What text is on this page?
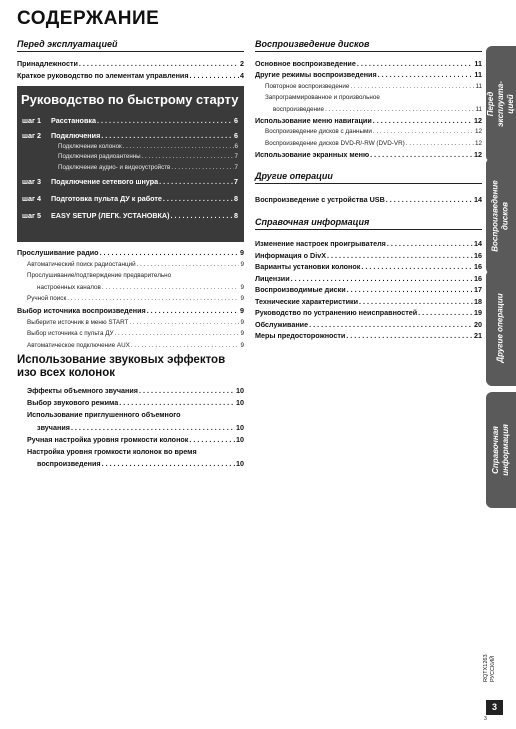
СОДЕРЖАНИЕ
Перед эксплуатацией
Принадлежности . . .	2
Краткое руководство по элементам управления . . .	4
Руководство по быстрому старту
шаг 1 Расстановка . . .	6
шаг 2 Подключения . . .	6
Подключение колонок . . .	6
Подключения радиоантенны . . .	7
Подключение аудио- и видеоустройств . . .	7
шаг 3 Подключение сетевого шнура . . .	7
шаг 4 Подготовка пульта ДУ к работе . . .	8
шаг 5 EASY SETUP (ЛЕГК. УСТАНОВКА) . . .	8
Прослушивание радио . . .	9
Автоматический поиск радиостанций . . .	9
Прослушивание/подтверждение предварительно
настроенных каналов . . .	9
Ручной поиск . . .	9
Выбор источника воспроизведения . . .	9
Выберите источник в меню START . . .	9
Выбор источника с пульта ДУ . . .	9
Автоматическое подключение AUX . . .	9
Использование звуковых эффектов
изо всех колонок
Эффекты объемного звучания . . .	10
Выбор звукового режима . . .	10
Использование приглушенного объемного
звучания . . .	10
Ручная настройка уровня громкости колонок . . .	10
Настройка уровня громкости колонок во время
воспроизведения . . .	10
Воспроизведение дисков
Основное воспроизведение . . .	11
Другие режимы воспроизведения . . .	11
Повторное воспроизведение . . .	11
Запрограммированное и произвольное
воспроизведение . . .	11
Использование меню навигации . . .	12
Воспроизведение дисков с данными . . .	12
Воспроизведение дисков DVD-R/-RW (DVD-VR) . . .	12
Использование экранных меню . . .	12
Другие операции
Воспроизведение с устройства USB . . .	14
Справочная информация
Изменение настроек проигрывателя . . .	14
Информация о DivX . . .	16
Варианты установки колонок . . .	16
Лицензии . . .	16
Воспроизводимые диски . . .	17
Технические характеристики . . .	18
Руководство по устранению неисправностей . . .	19
Обслуживание . . .	20
Меры предосторожности . . .	21
Перед эксплуата- цией
Воспроизведение дисков
Другие операции
Справочная информация
RQTX1263 РУССКИЙ
3
3
